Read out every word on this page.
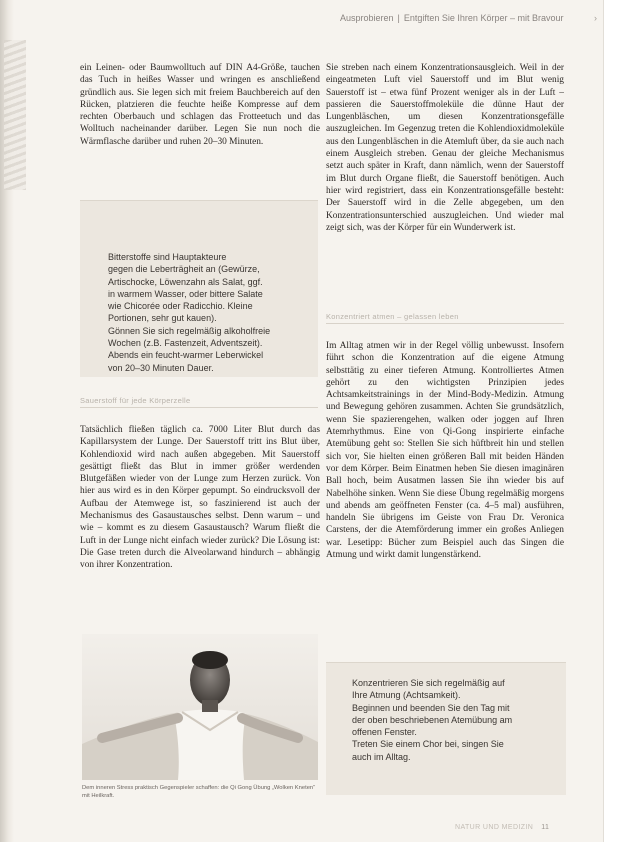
Ausprobieren | Entgiften Sie Ihren Körper – mit Bravour	›

ein Leinen- oder Baumwolltuch auf DIN A4-Größe, tauchen das Tuch in heißes Wasser und wringen es anschließend gründlich aus. Sie legen sich mit freiem Bauchbereich auf den Rücken, platzieren die feuchte heiße Kompresse auf dem rechten Oberbauch und schlagen das Frotteetuch und das Wolltuch nacheinander darüber. Legen Sie nun noch die Wärmflasche darüber und ruhen 20–30 Minuten.

Bitterstoffe sind Hauptakteure

gegen die Leberträgheit an (Gewürze,

Artischocke, Löwenzahn als Salat, ggf.

in warmem Wasser, oder bittere Salate

wie Chicorée oder Radicchio. Kleine

Portionen, sehr gut kauen).

Gönnen Sie sich regelmäßig alkoholfreie

Wochen (z.B. Fastenzeit, Adventszeit).

Abends ein feucht-warmer Leberwickel

von 20–30 Minuten Dauer.

Sauerstoff für jede Körperzelle

Tatsächlich fließen täglich ca. 7000 Liter Blut durch das Kapillarsystem der Lunge. Der Sauerstoff tritt ins Blut über, Kohlendioxid wird nach außen abgegeben. Mit Sauerstoff gesättigt fließt das Blut in immer größer werdenden Blutgefäßen wieder von der Lunge zum Herzen zurück. Von hier aus wird es in den Körper gepumpt. So eindrucksvoll der Aufbau der Atemwege ist, so faszinierend ist auch der Mechanismus des Gasaustausches selbst. Denn warum – und wie – kommt es zu diesem Gasaustausch? Warum fließt die Luft in der Lunge nicht einfach wieder zurück? Die Lösung ist: Die Gase treten durch die Alveolarwand hindurch – abhängig von ihrer Konzentration.

Dem inneren Stress praktisch Gegenspieler schaffen: die Qi Gong Übung „Wolken Kneten“ mit Heilkraft.

Sie streben nach einem Konzentrationsausgleich. Weil in der eingeatmeten Luft viel Sauerstoff und im Blut wenig Sauerstoff ist – etwa fünf Prozent weniger als in der Luft – passieren die Sauerstoffmoleküle die dünne Haut der Lungenbläschen, um diesen Konzentrationsgefälle auszugleichen. Im Gegenzug treten die Kohlendioxidmoleküle aus den Lungenbläschen in die Atemluft über, da sie auch nach einem Ausgleich streben. Genau der gleiche Mechanismus setzt auch später in Kraft, dann nämlich, wenn der Sauerstoff im Blut durch Organe fließt, die Sauerstoff benötigen. Auch hier wird registriert, dass ein Konzentrationsgefälle besteht: Der Sauerstoff wird in die Zelle abgegeben, um den Konzentrationsunterschied auszugleichen. Und wieder mal zeigt sich, was der Körper für ein Wunderwerk ist.

Konzentriert atmen – gelassen leben

Im Alltag atmen wir in der Regel völlig unbewusst. Insofern führt schon die Konzentration auf die eigene Atmung selbsttätig zu einer tieferen Atmung. Kontrolliertes Atmen gehört zu den wichtigsten Prinzipien jedes Achtsamkeitstrainings in der Mind-Body-Medizin. Atmung und Bewegung gehören zusammen. Achten Sie grundsätzlich, wenn Sie spazierengehen, walken oder joggen auf Ihren Atemrhythmus. Eine von Qi-Gong inspirierte einfache Atemübung geht so: Stellen Sie sich hüftbreit hin und stellen sich vor, Sie hielten einen größeren Ball mit beiden Händen vor dem Körper. Beim Einatmen heben Sie diesen imaginären Ball hoch, beim Ausatmen lassen Sie ihn wieder bis auf Nabelhöhe sinken. Wenn Sie diese Übung regelmäßig morgens und abends am geöffneten Fenster (ca. 4–5 mal) ausführen, handeln Sie übrigens im Geiste von Frau Dr. Veronica Carstens, der die Atemförderung immer ein großes Anliegen war. Lesetipp: Bücher zum Beispiel auch das Singen die Atmung und wirkt damit lungenstärkend.

Konzentrieren Sie sich regelmäßig auf

Ihre Atmung (Achtsamkeit).

Beginnen und beenden Sie den Tag mit

der oben beschriebenen Atemübung am

offenen Fenster.

Treten Sie einem Chor bei, singen Sie

auch im Alltag.

NATUR UND MEDIZIN 11
